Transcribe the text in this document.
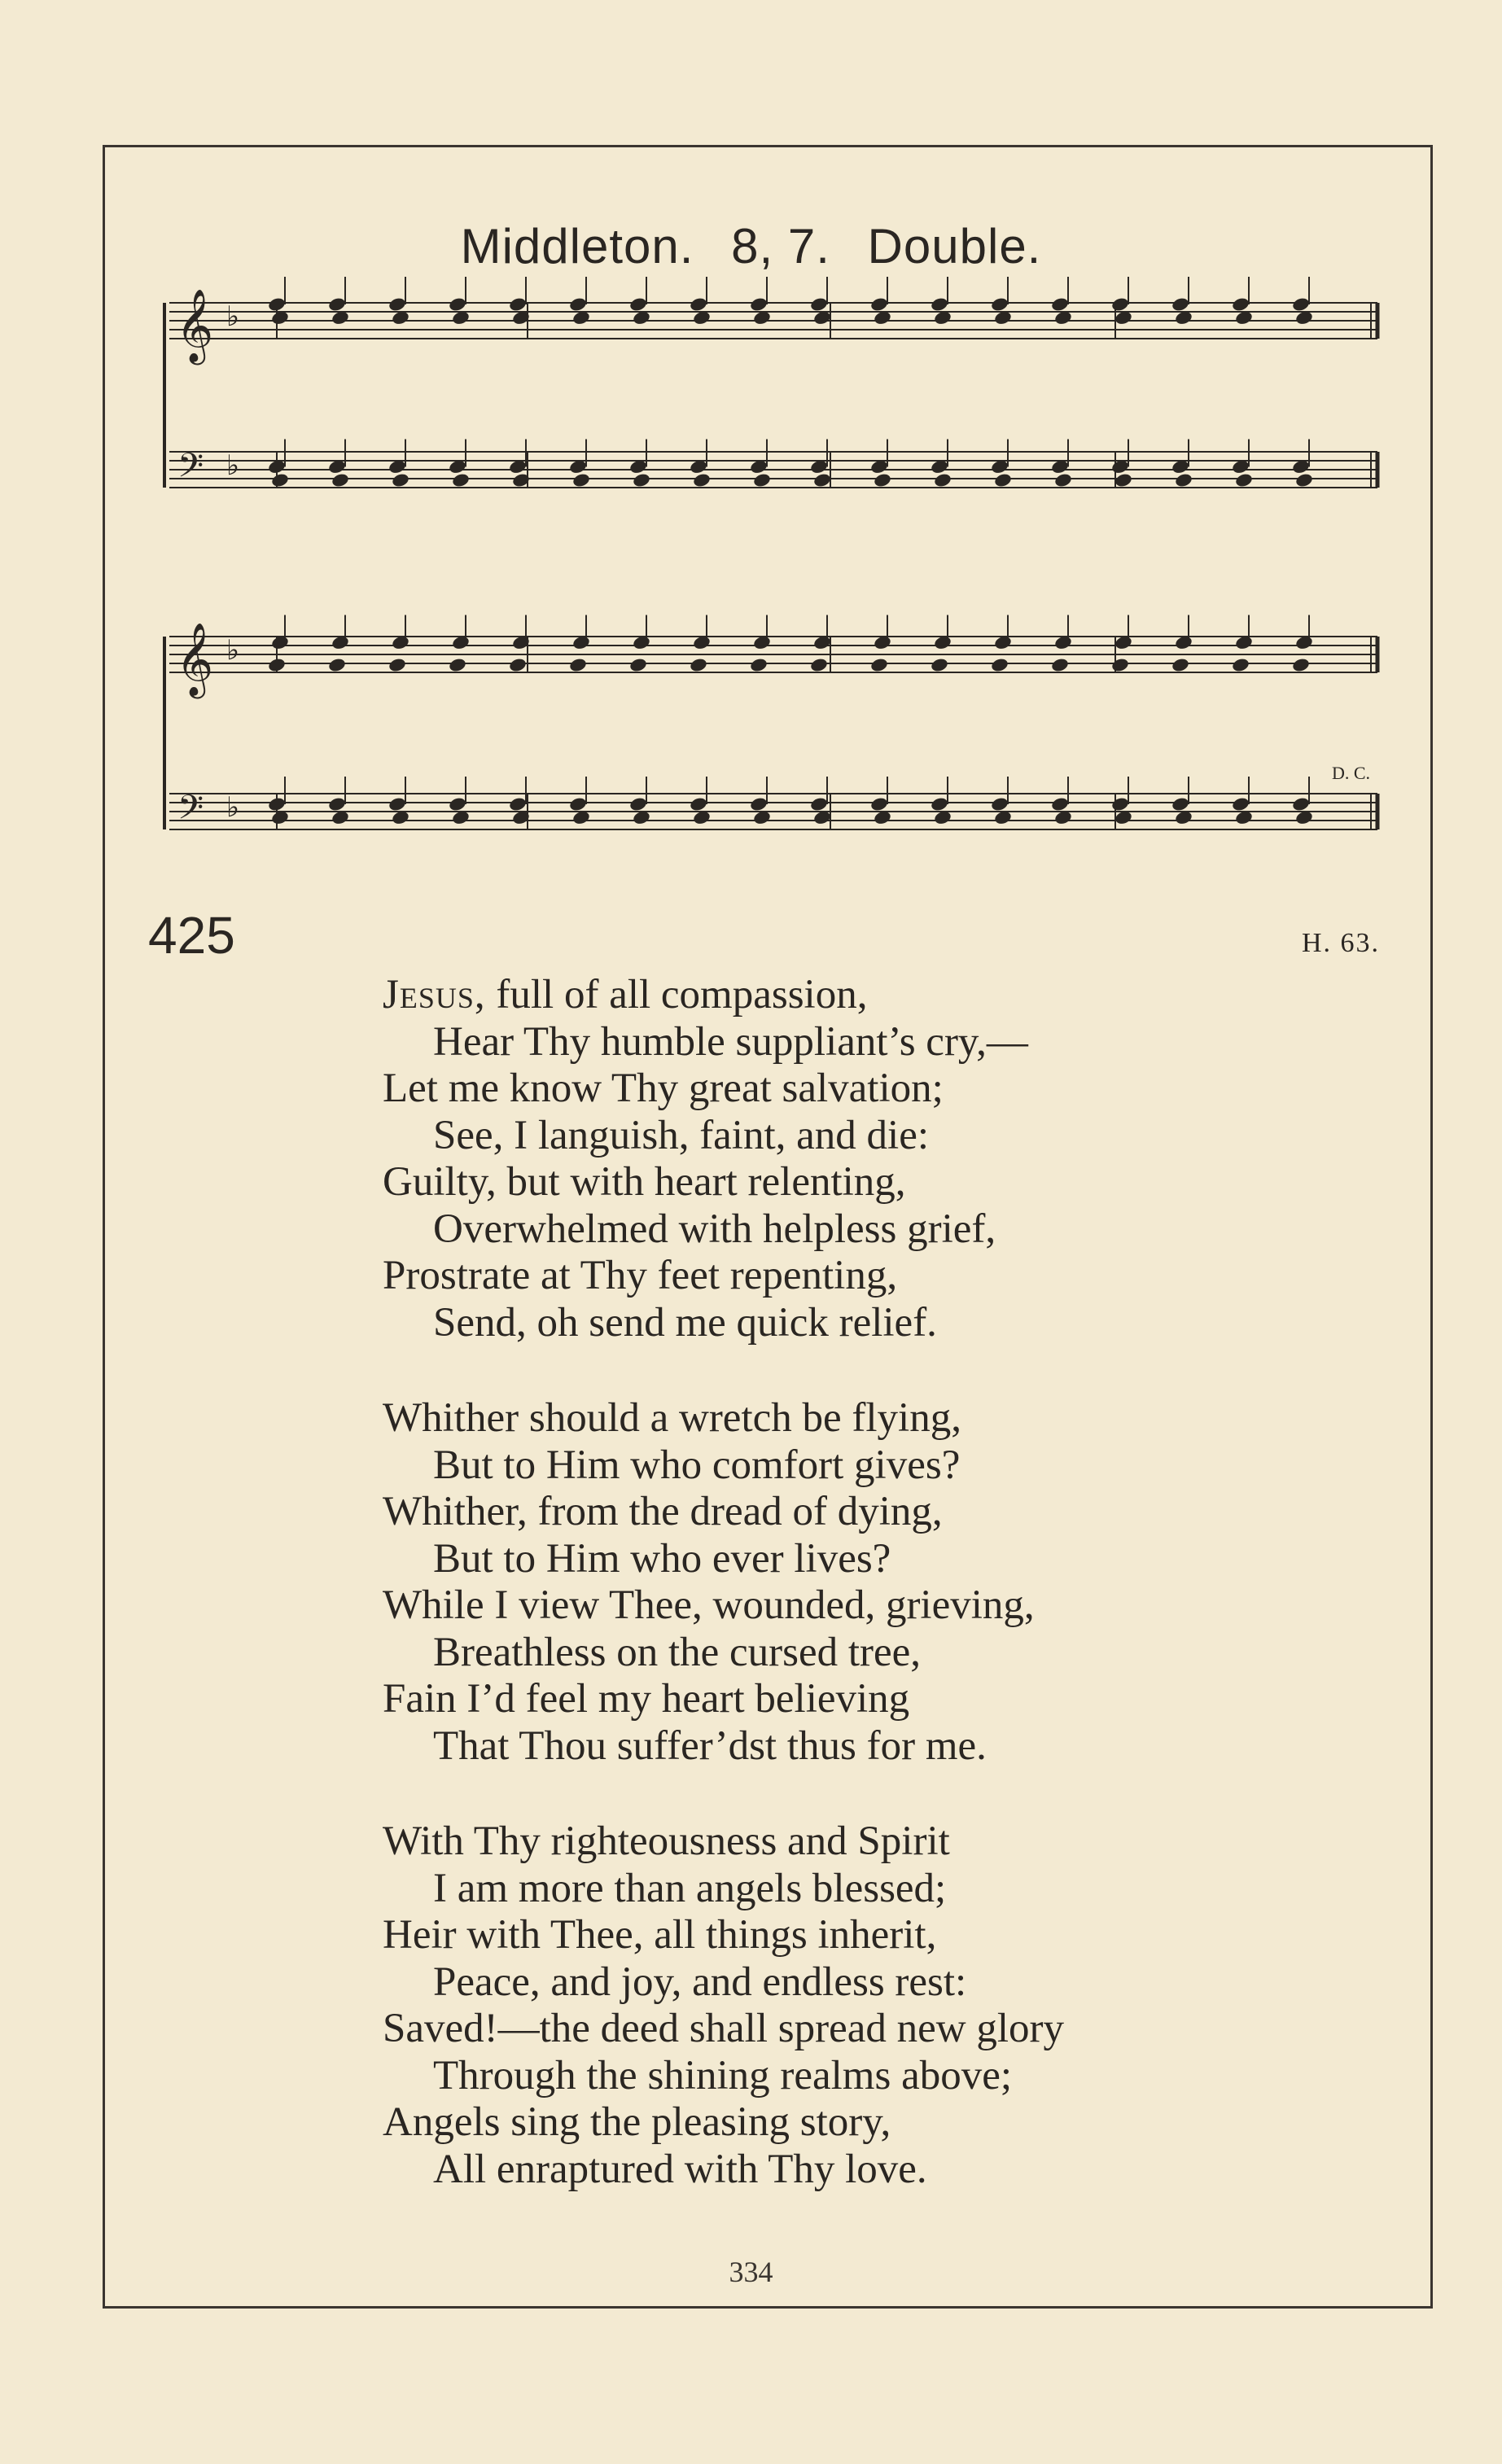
Middleton. 8, 7. Double.
𝄞 ♭
𝄢 ♭
𝄞 ♭
𝄢 ♭
D. C.
425	H. 63.
Jesus, full of all compassion,
Hear Thy humble suppliant’s cry,—
Let me know Thy great salvation;
See, I languish, faint, and die:
Guilty, but with heart relenting,
Overwhelmed with helpless grief,
Prostrate at Thy feet repenting,
Send, oh send me quick relief.
Whither should a wretch be flying,
But to Him who comfort gives?
Whither, from the dread of dying,
But to Him who ever lives?
While I view Thee, wounded, grieving,
Breathless on the cursed tree,
Fain I’d feel my heart believing
That Thou suffer’dst thus for me.
With Thy righteousness and Spirit
I am more than angels blessed;
Heir with Thee, all things inherit,
Peace, and joy, and endless rest:
Saved!—the deed shall spread new glory
Through the shining realms above;
Angels sing the pleasing story,
All enraptured with Thy love.
334
